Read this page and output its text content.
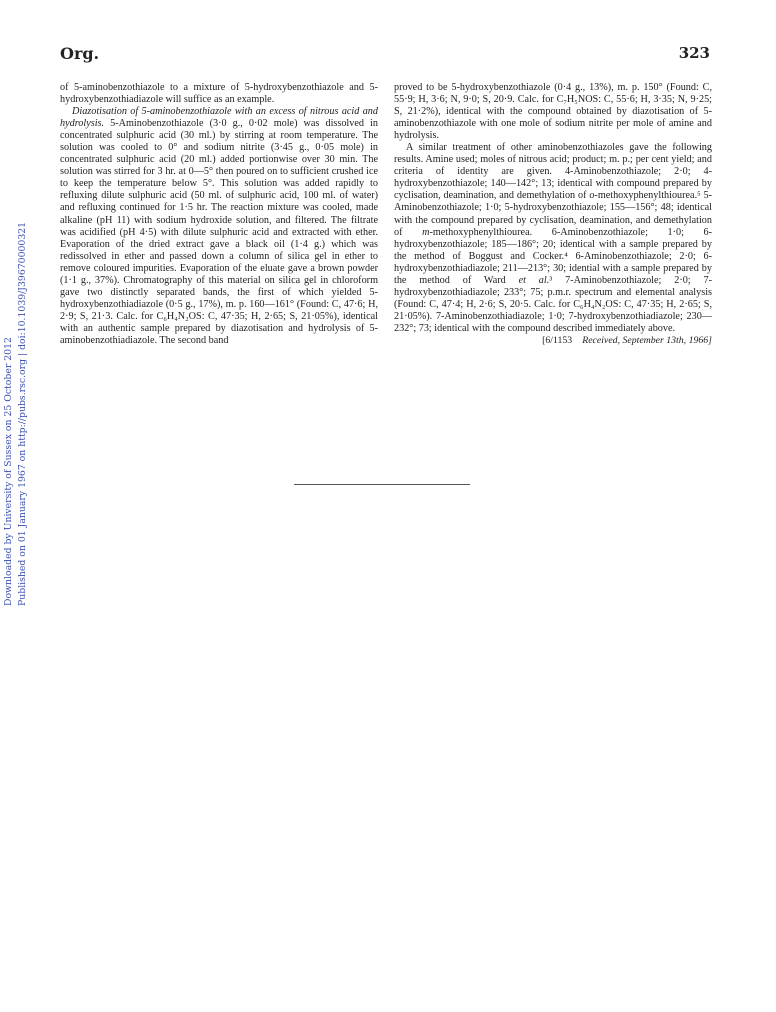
Downloaded by University of Sussex on 25 October 2012 Published on 01 January 1967 on http://pubs.rsc.org | doi:10.1039/J39670000321
Org.	323

of 5-aminobenzothiazole to a mixture of 5-hydroxybenzothiazole and 5-hydroxybenzothiadiazole will suffice as an example.

Diazotisation of 5-aminobenzothiazole with an excess of nitrous acid and hydrolysis. 5-Aminobenzothiazole (3·0 g., 0·02 mole) was dissolved in concentrated sulphuric acid (30 ml.) by stirring at room temperature. The solution was cooled to 0° and sodium nitrite (3·45 g., 0·05 mole) in concentrated sulphuric acid (20 ml.) added portionwise over 30 min. The solution was stirred for 3 hr. at 0—5° then poured on to sufficient crushed ice to keep the temperature below 5°. This solution was added rapidly to refluxing dilute sulphuric acid (50 ml. of sulphuric acid, 100 ml. of water) and refluxing continued for 1·5 hr. The reaction mixture was cooled, made alkaline (pH 11) with sodium hydroxide solution, and filtered. The filtrate was acidified (pH 4·5) with dilute sulphuric acid and extracted with ether. Evaporation of the dried extract gave a black oil (1·4 g.) which was redissolved in ether and passed down a column of silica gel in ether to remove coloured impurities. Evaporation of the eluate gave a brown powder (1·1 g., 37%). Chromatography of this material on silica gel in chloroform gave two distinctly separated bands, the first of which yielded 5-hydroxybenzothiadiazole (0·5 g., 17%), m. p. 160—161° (Found: C, 47·6; H, 2·9; S, 21·3. Calc. for C₆H₄N₂OS: C, 47·35; H, 2·65; S, 21·05%), identical with an authentic sample prepared by diazotisation and hydrolysis of 5-aminobenzothiadiazole. The second band

proved to be 5-hydroxybenzothiazole (0·4 g., 13%), m. p. 150° (Found: C, 55·9; H, 3·6; N, 9·0; S, 20·9. Calc. for C₇H₅NOS: C, 55·6; H, 3·35; N, 9·25; S, 21·2%), identical with the compound obtained by diazotisation of 5-aminobenzothiazole with one mole of sodium nitrite per mole of amine and hydrolysis.

A similar treatment of other aminobenzothiazoles gave the following results. Amine used; moles of nitrous acid; product; m. p.; per cent yield; and criteria of identity are given. 4-Aminobenzothiazole; 2·0; 4-hydroxybenzothiazole; 140—142°; 13; identical with compound prepared by cyclisation, deamination, and demethylation of o-methoxyphenylthiourea.⁵ 5-Aminobenzothiazole; 1·0; 5-hydroxybenzothiazole; 155—156°; 48; identical with the compound prepared by cyclisation, deamination, and demethylation of m-methoxyphenylthiourea. 6-Aminobenzothiazole; 1·0; 6-hydroxybenzothiazole; 185—186°; 20; identical with a sample prepared by the method of Boggust and Cocker.⁴ 6-Aminobenzothiazole; 2·0; 6-hydroxybenzothiadiazole; 211—213°; 30; idential with a sample prepared by the method of Ward et al.³ 7-Aminobenzothiazole; 2·0; 7-hydroxybenzothiadiazole; 233°; 75; p.m.r. spectrum and elemental analysis (Found: C, 47·4; H, 2·6; S, 20·5. Calc. for C₆H₄N₂OS: C, 47·35; H, 2·65; S, 21·05%). 7-Aminobenzothiadiazole; 1·0; 7-hydroxybenzothiadiazole; 230—232°; 73; identical with the compound described immediately above.

[6/1153 Received, September 13th, 1966]
